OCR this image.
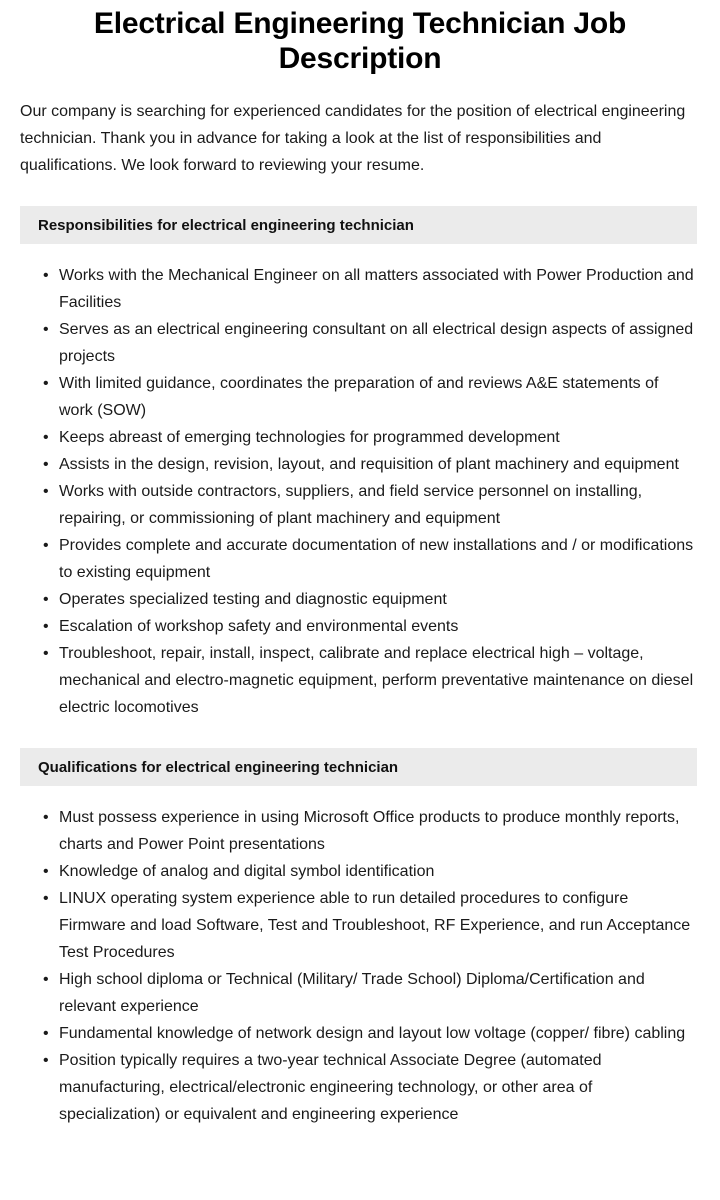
Electrical Engineering Technician Job Description

Our company is searching for experienced candidates for the position of electrical engineering technician. Thank you in advance for taking a look at the list of responsibilities and qualifications. We look forward to reviewing your resume.

Responsibilities for electrical engineering technician
• Works with the Mechanical Engineer on all matters associated with Power Production and Facilities
• Serves as an electrical engineering consultant on all electrical design aspects of assigned projects
• With limited guidance, coordinates the preparation of and reviews A&E statements of work (SOW)
• Keeps abreast of emerging technologies for programmed development
• Assists in the design, revision, layout, and requisition of plant machinery and equipment
• Works with outside contractors, suppliers, and field service personnel on installing, repairing, or commissioning of plant machinery and equipment
• Provides complete and accurate documentation of new installations and / or modifications to existing equipment
• Operates specialized testing and diagnostic equipment
• Escalation of workshop safety and environmental events
• Troubleshoot, repair, install, inspect, calibrate and replace electrical high – voltage, mechanical and electro-magnetic equipment, perform preventative maintenance on diesel electric locomotives
Qualifications for electrical engineering technician
• Must possess experience in using Microsoft Office products to produce monthly reports, charts and Power Point presentations
• Knowledge of analog and digital symbol identification
• LINUX operating system experience able to run detailed procedures to configure Firmware and load Software, Test and Troubleshoot, RF Experience, and run Acceptance Test Procedures
• High school diploma or Technical (Military/ Trade School) Diploma/Certification and relevant experience
• Fundamental knowledge of network design and layout low voltage (copper/ fibre) cabling
• Position typically requires a two-year technical Associate Degree (automated manufacturing, electrical/electronic engineering technology, or other area of specialization) or equivalent and engineering experience
